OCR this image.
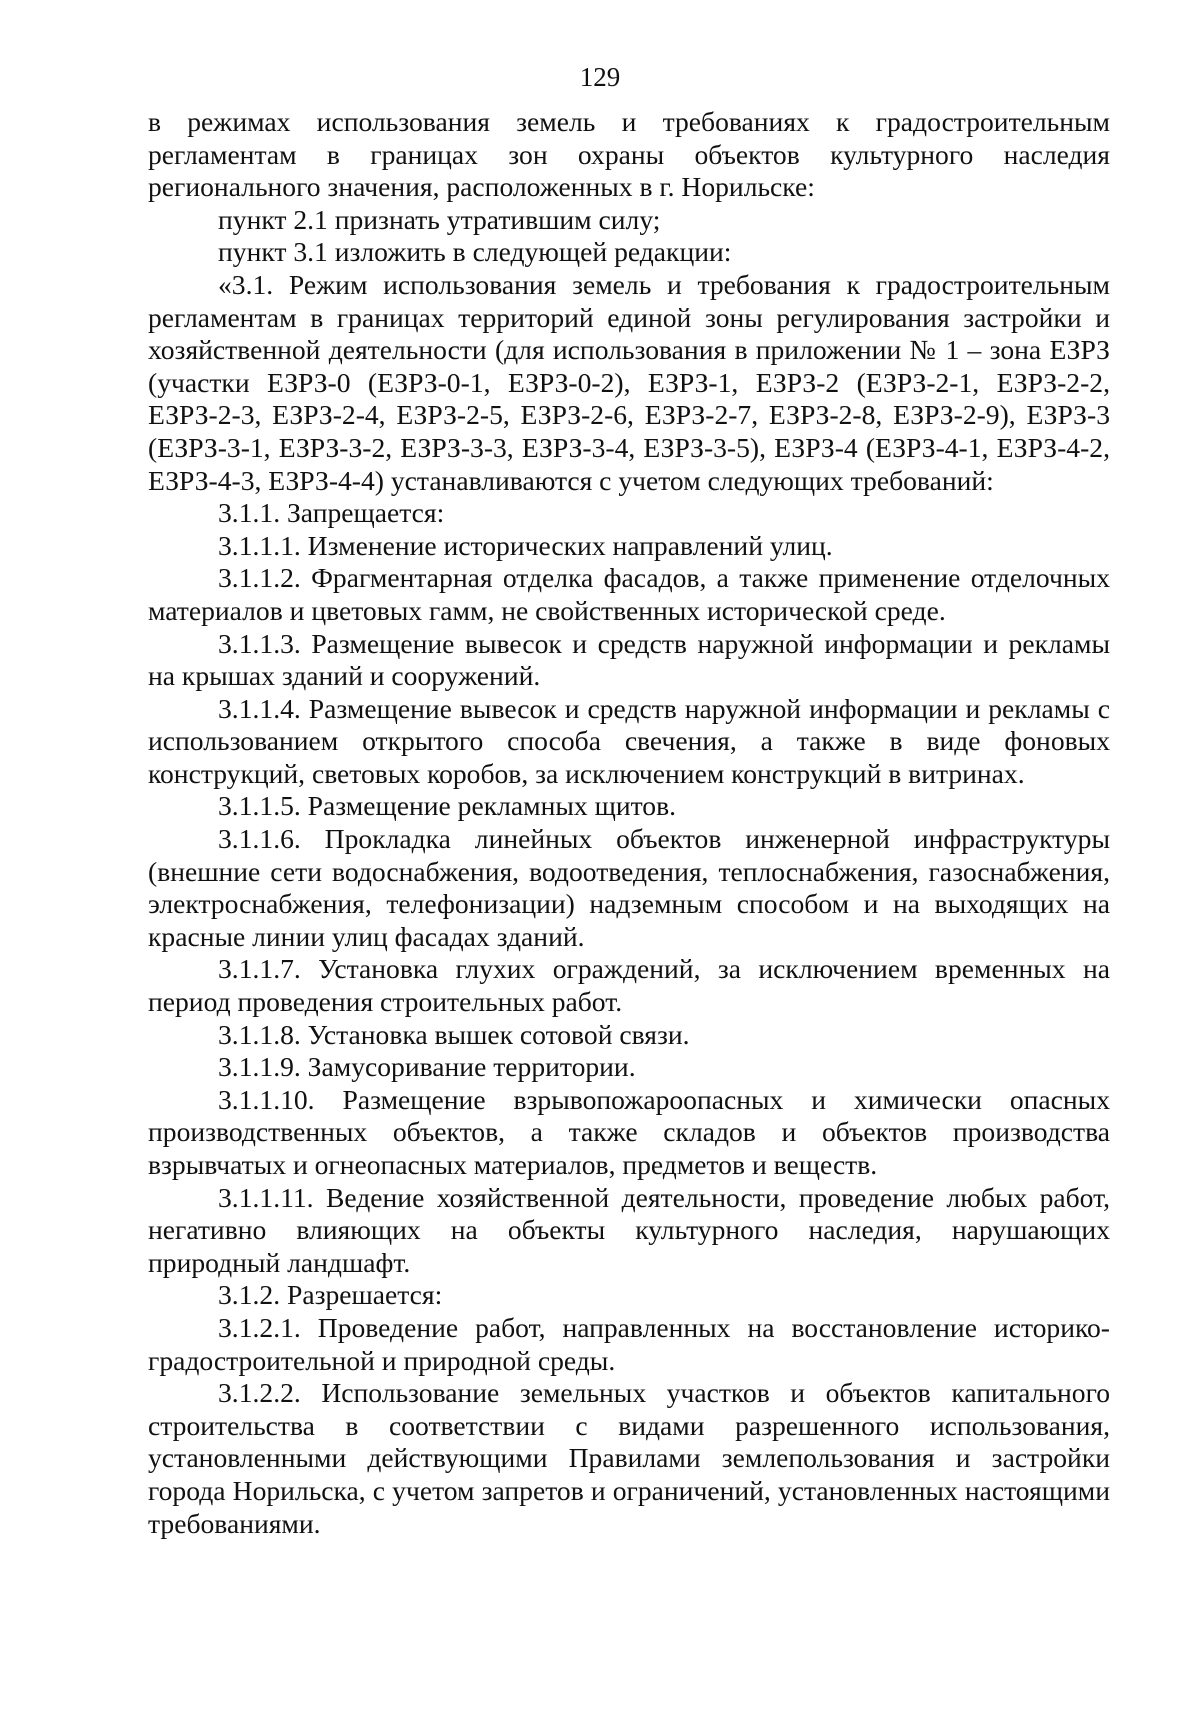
129

в режимах использования земель и требованиях к градостроительным регламентам в границах зон охраны объектов культурного наследия регионального значения, расположенных в г. Норильске:

пункт 2.1 признать утратившим силу;

пункт 3.1 изложить в следующей редакции:

«3.1. Режим использования земель и требования к градостроительным регламентам в границах территорий единой зоны регулирования застройки и хозяйственной деятельности (для использования в приложении № 1 – зона ЕЗРЗ (участки ЕЗРЗ-0 (ЕЗРЗ-0-1, ЕЗРЗ-0-2), ЕЗРЗ-1, ЕЗРЗ-2 (ЕЗРЗ-2-1, ЕЗРЗ-2-2, ЕЗРЗ-2-3, ЕЗРЗ-2-4, ЕЗРЗ-2-5, ЕЗРЗ-2-6, ЕЗРЗ-2-7, ЕЗРЗ-2-8, ЕЗРЗ-2-9), ЕЗРЗ-3 (ЕЗРЗ-3-1, ЕЗРЗ-3-2, ЕЗРЗ-3-3, ЕЗРЗ-3-4, ЕЗРЗ-3-5), ЕЗРЗ-4 (ЕЗРЗ-4-1, ЕЗРЗ-4-2, ЕЗРЗ-4-3, ЕЗРЗ-4-4) устанавливаются с учетом следующих требований:

3.1.1. Запрещается:

3.1.1.1. Изменение исторических направлений улиц.

3.1.1.2. Фрагментарная отделка фасадов, а также применение отделочных материалов и цветовых гамм, не свойственных исторической среде.

3.1.1.3. Размещение вывесок и средств наружной информации и рекламы на крышах зданий и сооружений.

3.1.1.4. Размещение вывесок и средств наружной информации и рекламы с использованием открытого способа свечения, а также в виде фоновых конструкций, световых коробов, за исключением конструкций в витринах.

3.1.1.5. Размещение рекламных щитов.

3.1.1.6. Прокладка линейных объектов инженерной инфраструктуры (внешние сети водоснабжения, водоотведения, теплоснабжения, газоснабжения, электроснабжения, телефонизации) надземным способом и на выходящих на красные линии улиц фасадах зданий.

3.1.1.7. Установка глухих ограждений, за исключением временных на период проведения строительных работ.

3.1.1.8. Установка вышек сотовой связи.

3.1.1.9. Замусоривание территории.

3.1.1.10. Размещение взрывопожароопасных и химически опасных производственных объектов, а также складов и объектов производства взрывчатых и огнеопасных материалов, предметов и веществ.

3.1.1.11. Ведение хозяйственной деятельности, проведение любых работ, негативно влияющих на объекты культурного наследия, нарушающих природный ландшафт.

3.1.2. Разрешается:

3.1.2.1. Проведение работ, направленных на восстановление историко-градостроительной и природной среды.

3.1.2.2. Использование земельных участков и объектов капитального строительства в соответствии с видами разрешенного использования, установленными действующими Правилами землепользования и застройки города Норильска, с учетом запретов и ограничений, установленных настоящими требованиями.
